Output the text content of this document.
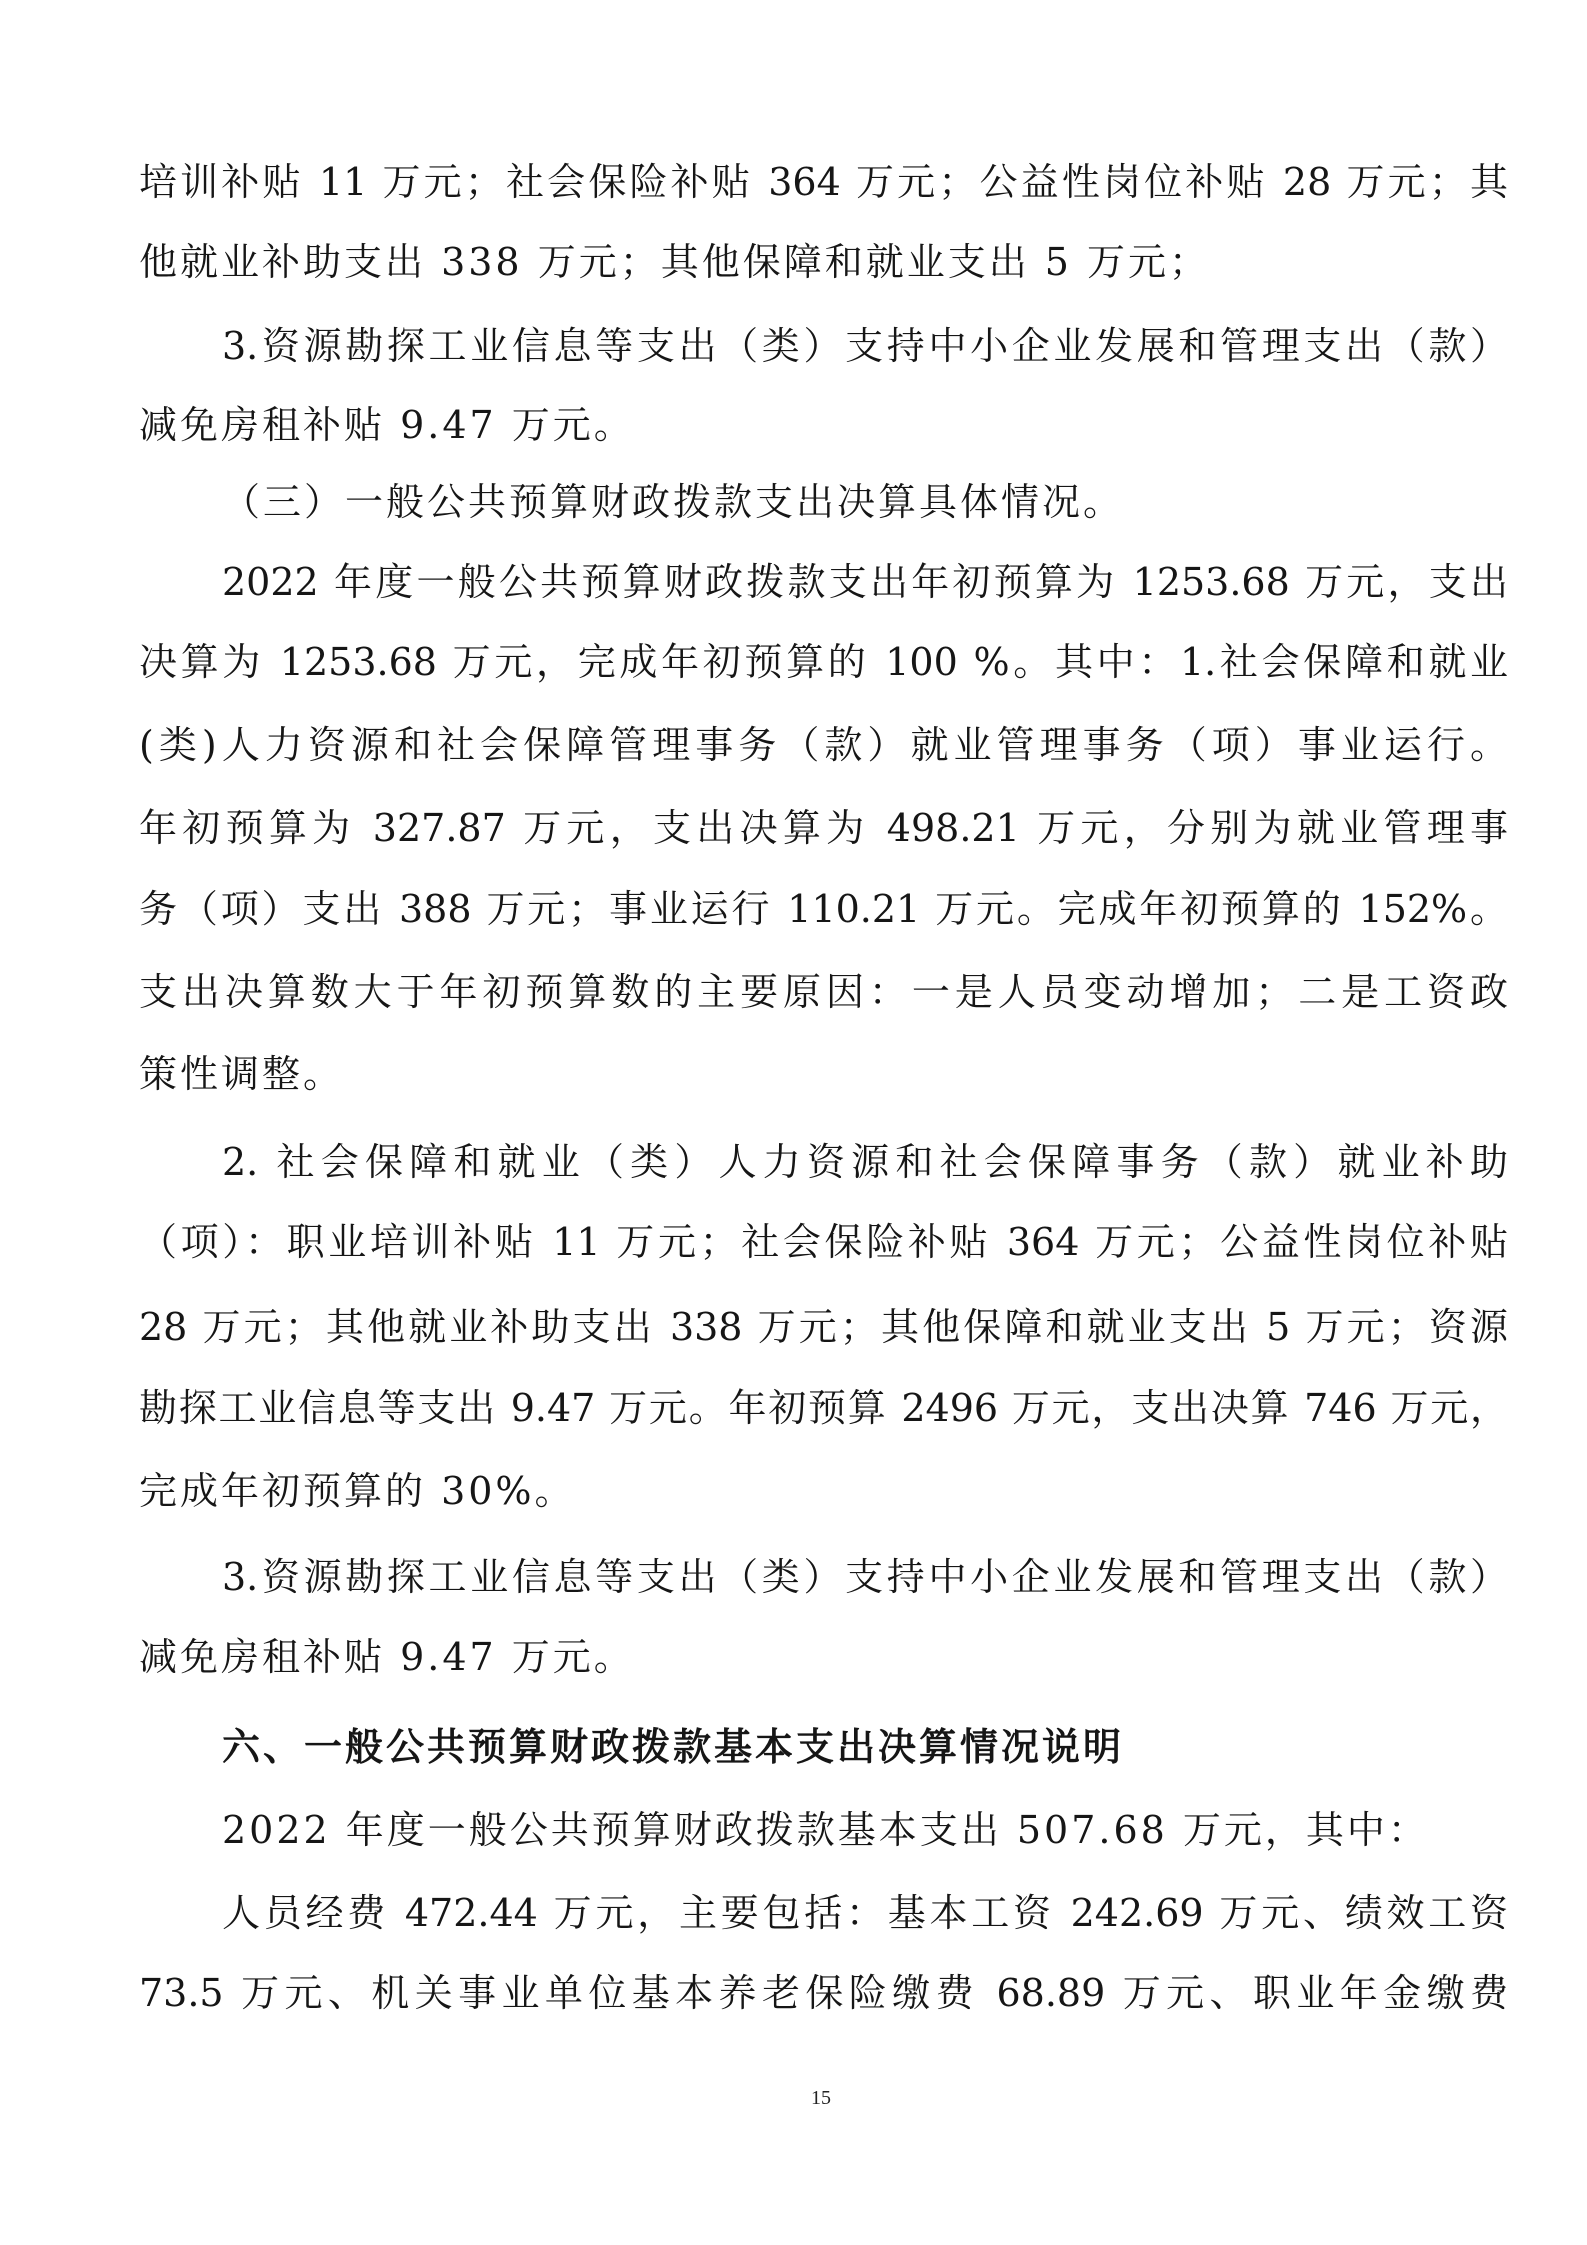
培训补贴 11 万元；社会保险补贴 364 万元；公益性岗位补贴 28 万元；其
他就业补助支出 338 万元；其他保障和就业支出 5 万元；
3.资源勘探工业信息等支出（类）支持中小企业发展和管理支出（款）
减免房租补贴 9.47 万元。
（三）一般公共预算财政拨款支出决算具体情况。
2022 年度一般公共预算财政拨款支出年初预算为 1253.68 万元，支出
决算为 1253.68 万元，完成年初预算的 100 %。其中：1.社会保障和就业
(类)人力资源和社会保障管理事务（款）就业管理事务（项）事业运行。
年初预算为 327.87 万元，支出决算为 498.21 万元，分别为就业管理事
务（项）支出 388 万元；事业运行 110.21 万元。完成年初预算的 152%。
支出决算数大于年初预算数的主要原因：一是人员变动增加；二是工资政
策性调整。
2. 社会保障和就业（类）人力资源和社会保障事务（款）就业补助
（项）：职业培训补贴 11 万元；社会保险补贴 364 万元；公益性岗位补贴
28 万元；其他就业补助支出 338 万元；其他保障和就业支出 5 万元；资源
勘探工业信息等支出 9.47 万元。年初预算 2496 万元，支出决算 746 万元，
完成年初预算的 30%。
3.资源勘探工业信息等支出（类）支持中小企业发展和管理支出（款）
减免房租补贴 9.47 万元。
六、一般公共预算财政拨款基本支出决算情况说明
2022 年度一般公共预算财政拨款基本支出 507.68 万元，其中：
人员经费 472.44 万元，主要包括：基本工资 242.69 万元、绩效工资
73.5 万元、机关事业单位基本养老保险缴费 68.89 万元、职业年金缴费
15
